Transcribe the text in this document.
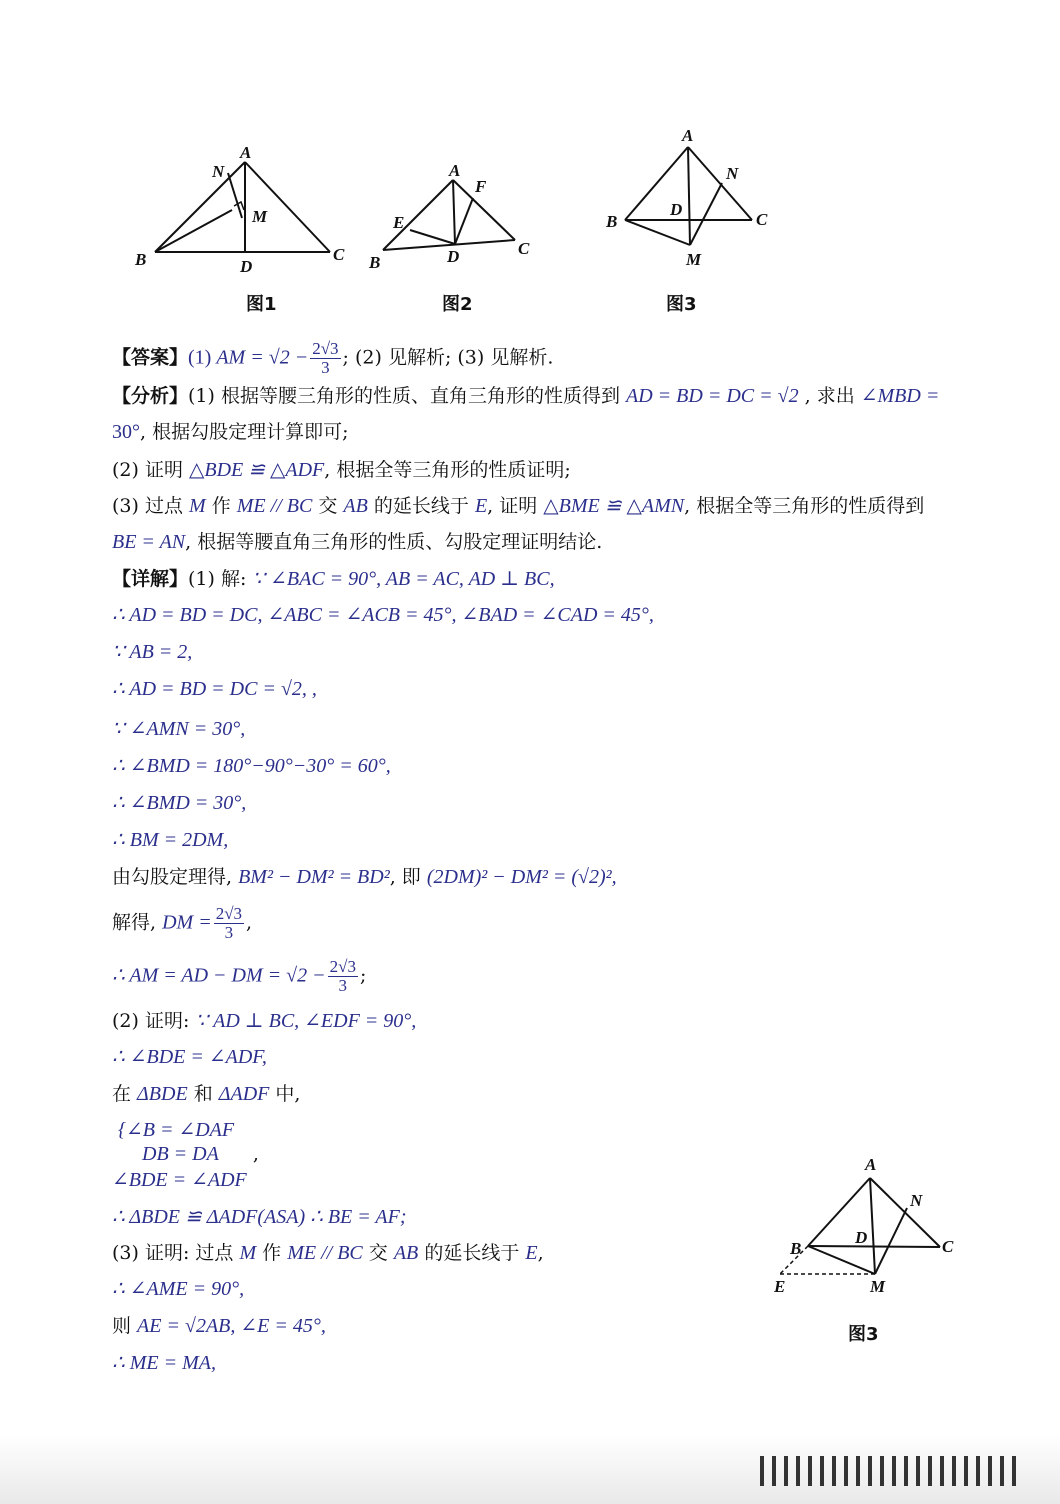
A
N
M
B	D
C
图1
A
F
E
B	D	C
图2
A
N
D
B	C
M
图3
【答案】(1) AM = $√2 - \frac{2√3}{3}$ ; (2) 见解析; (3) 见解析.
【分析】(1) 根据等腰三角形的性质、直角三角形的性质得到 AD = BD = DC = √2 , 求出 ∠MBD =
30°, 根据勾股定理计算即可;
(2) 证明 △BDE ≌ △ADF, 根据全等三角形的性质证明;
(3) 过点 M 作 ME // BC 交 AB 的延长线于 E, 证明 △BME ≌ △AMN, 根据全等三角形的性质得到
BE = AN, 根据等腰直角三角形的性质、勾股定理证明结论.
【详解】(1) 解: ∵ ∠BAC = 90°, AB = AC, AD ⊥ BC,
∴ AD = BD = DC, ∠ABC = ∠ACB = 45°, ∠BAD = ∠CAD = 45°,
∵ AB = 2,
∴ AD = BD = DC = √2, ,
∵ ∠AMN = 30°,
∴ ∠BMD = 180°−90°−30° = 60°,
∴ ∠BMD = 30°,
∴ BM = 2DM,
由勾股定理得, BM² − DM² = BD², 即 (2DM)² − DM² = (√2)²,
解得, DM = $\frac{2√3}{3}$ ,
∴ AM = AD − DM = $√2 - \frac{2√3}{3}$ ;
(2) 证明: ∵ AD ⊥ BC, ∠EDF = 90°,
∴ ∠BDE = ∠ADF,
在 ΔBDE 和 ΔADF 中,
{∠B = ∠DAF
DB = DA ,
∠BDE = ∠ADF
∴ ΔBDE ≌ ΔADF(ASA) ∴ BE = AF;
(3) 证明: 过点 M 作 ME // BC 交 AB 的延长线于 E,
∴ ∠AME = 90°,
则 AE = √2AB, ∠E = 45°,
∴ ME = MA,
A
N
D
B	C
E	M
图3
